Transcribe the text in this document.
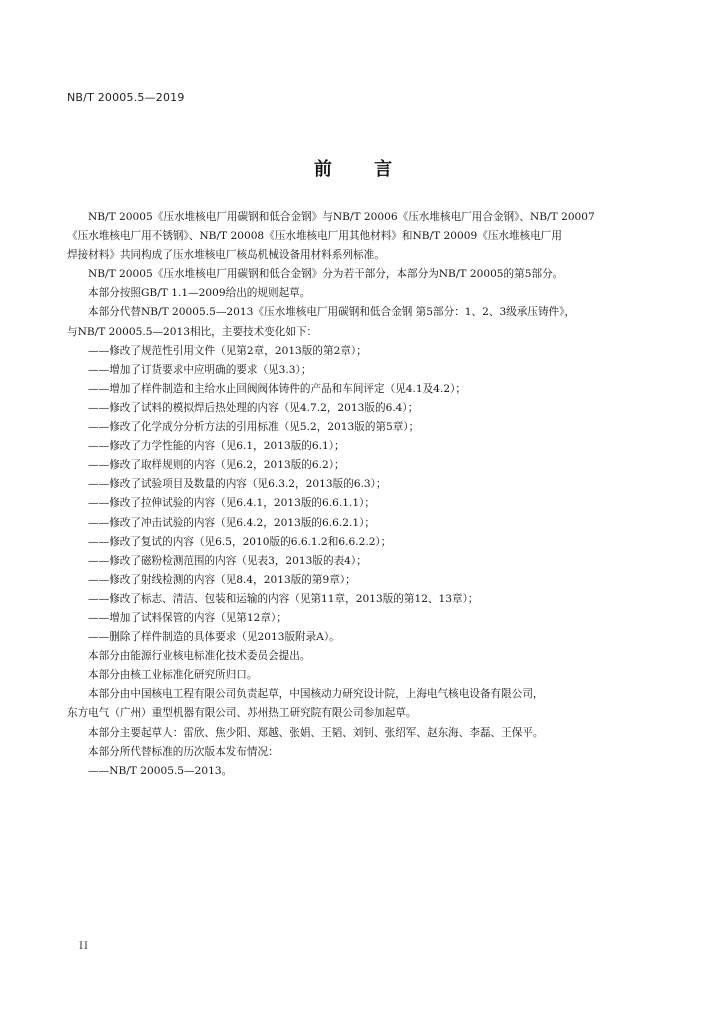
NB/T 20005.5—2019
前 言

NB/T 20005《压水堆核电厂用碳钢和低合金钢》与NB/T 20006《压水堆核电厂用合金钢》、NB/T 20007

《压水堆核电厂用不锈钢》、NB/T 20008《压水堆核电厂用其他材料》和NB/T 20009《压水堆核电厂用

焊接材料》共同构成了压水堆核电厂核岛机械设备用材料系列标准。

NB/T 20005《压水堆核电厂用碳钢和低合金钢》分为若干部分，本部分为NB/T 20005的第5部分。

本部分按照GB/T 1.1—2009给出的规则起草。

本部分代替NB/T 20005.5—2013《压水堆核电厂用碳钢和低合金钢 第5部分：1、2、3级承压铸件》，

与NB/T 20005.5—2013相比，主要技术变化如下：

——修改了规范性引用文件（见第2章，2013版的第2章）；

——增加了订货要求中应明确的要求（见3.3）；

——增加了样件制造和主给水止回阀阀体铸件的产品和车间评定（见4.1及4.2）；

——修改了试料的模拟焊后热处理的内容（见4.7.2，2013版的6.4）；

——修改了化学成分分析方法的引用标准（见5.2，2013版的第5章）；

——修改了力学性能的内容（见6.1，2013版的6.1）；

——修改了取样规则的内容（见6.2，2013版的6.2）；

——修改了试验项目及数量的内容（见6.3.2，2013版的6.3）；

——修改了拉伸试验的内容（见6.4.1，2013版的6.6.1.1）；

——修改了冲击试验的内容（见6.4.2，2013版的6.6.2.1）；

——修改了复试的内容（见6.5，2010版的6.6.1.2和6.6.2.2）；

——修改了磁粉检测范围的内容（见表3，2013版的表4）；

——修改了射线检测的内容（见8.4，2013版的第9章）；

——修改了标志、清洁、包装和运输的内容（见第11章，2013版的第12、13章）；

——增加了试料保管的内容（见第12章）；

——删除了样件制造的具体要求（见2013版附录A）。

本部分由能源行业核电标准化技术委员会提出。

本部分由核工业标准化研究所归口。

本部分由中国核电工程有限公司负责起草，中国核动力研究设计院，上海电气核电设备有限公司，

东方电气（广州）重型机器有限公司、苏州热工研究院有限公司参加起草。

本部分主要起草人：雷欣、焦少阳、郑越、张娟、王韬、刘钊、张绍军、赵东海、李磊、王保平。

本部分所代替标准的历次版本发布情况：

——NB/T 20005.5—2013。

II
